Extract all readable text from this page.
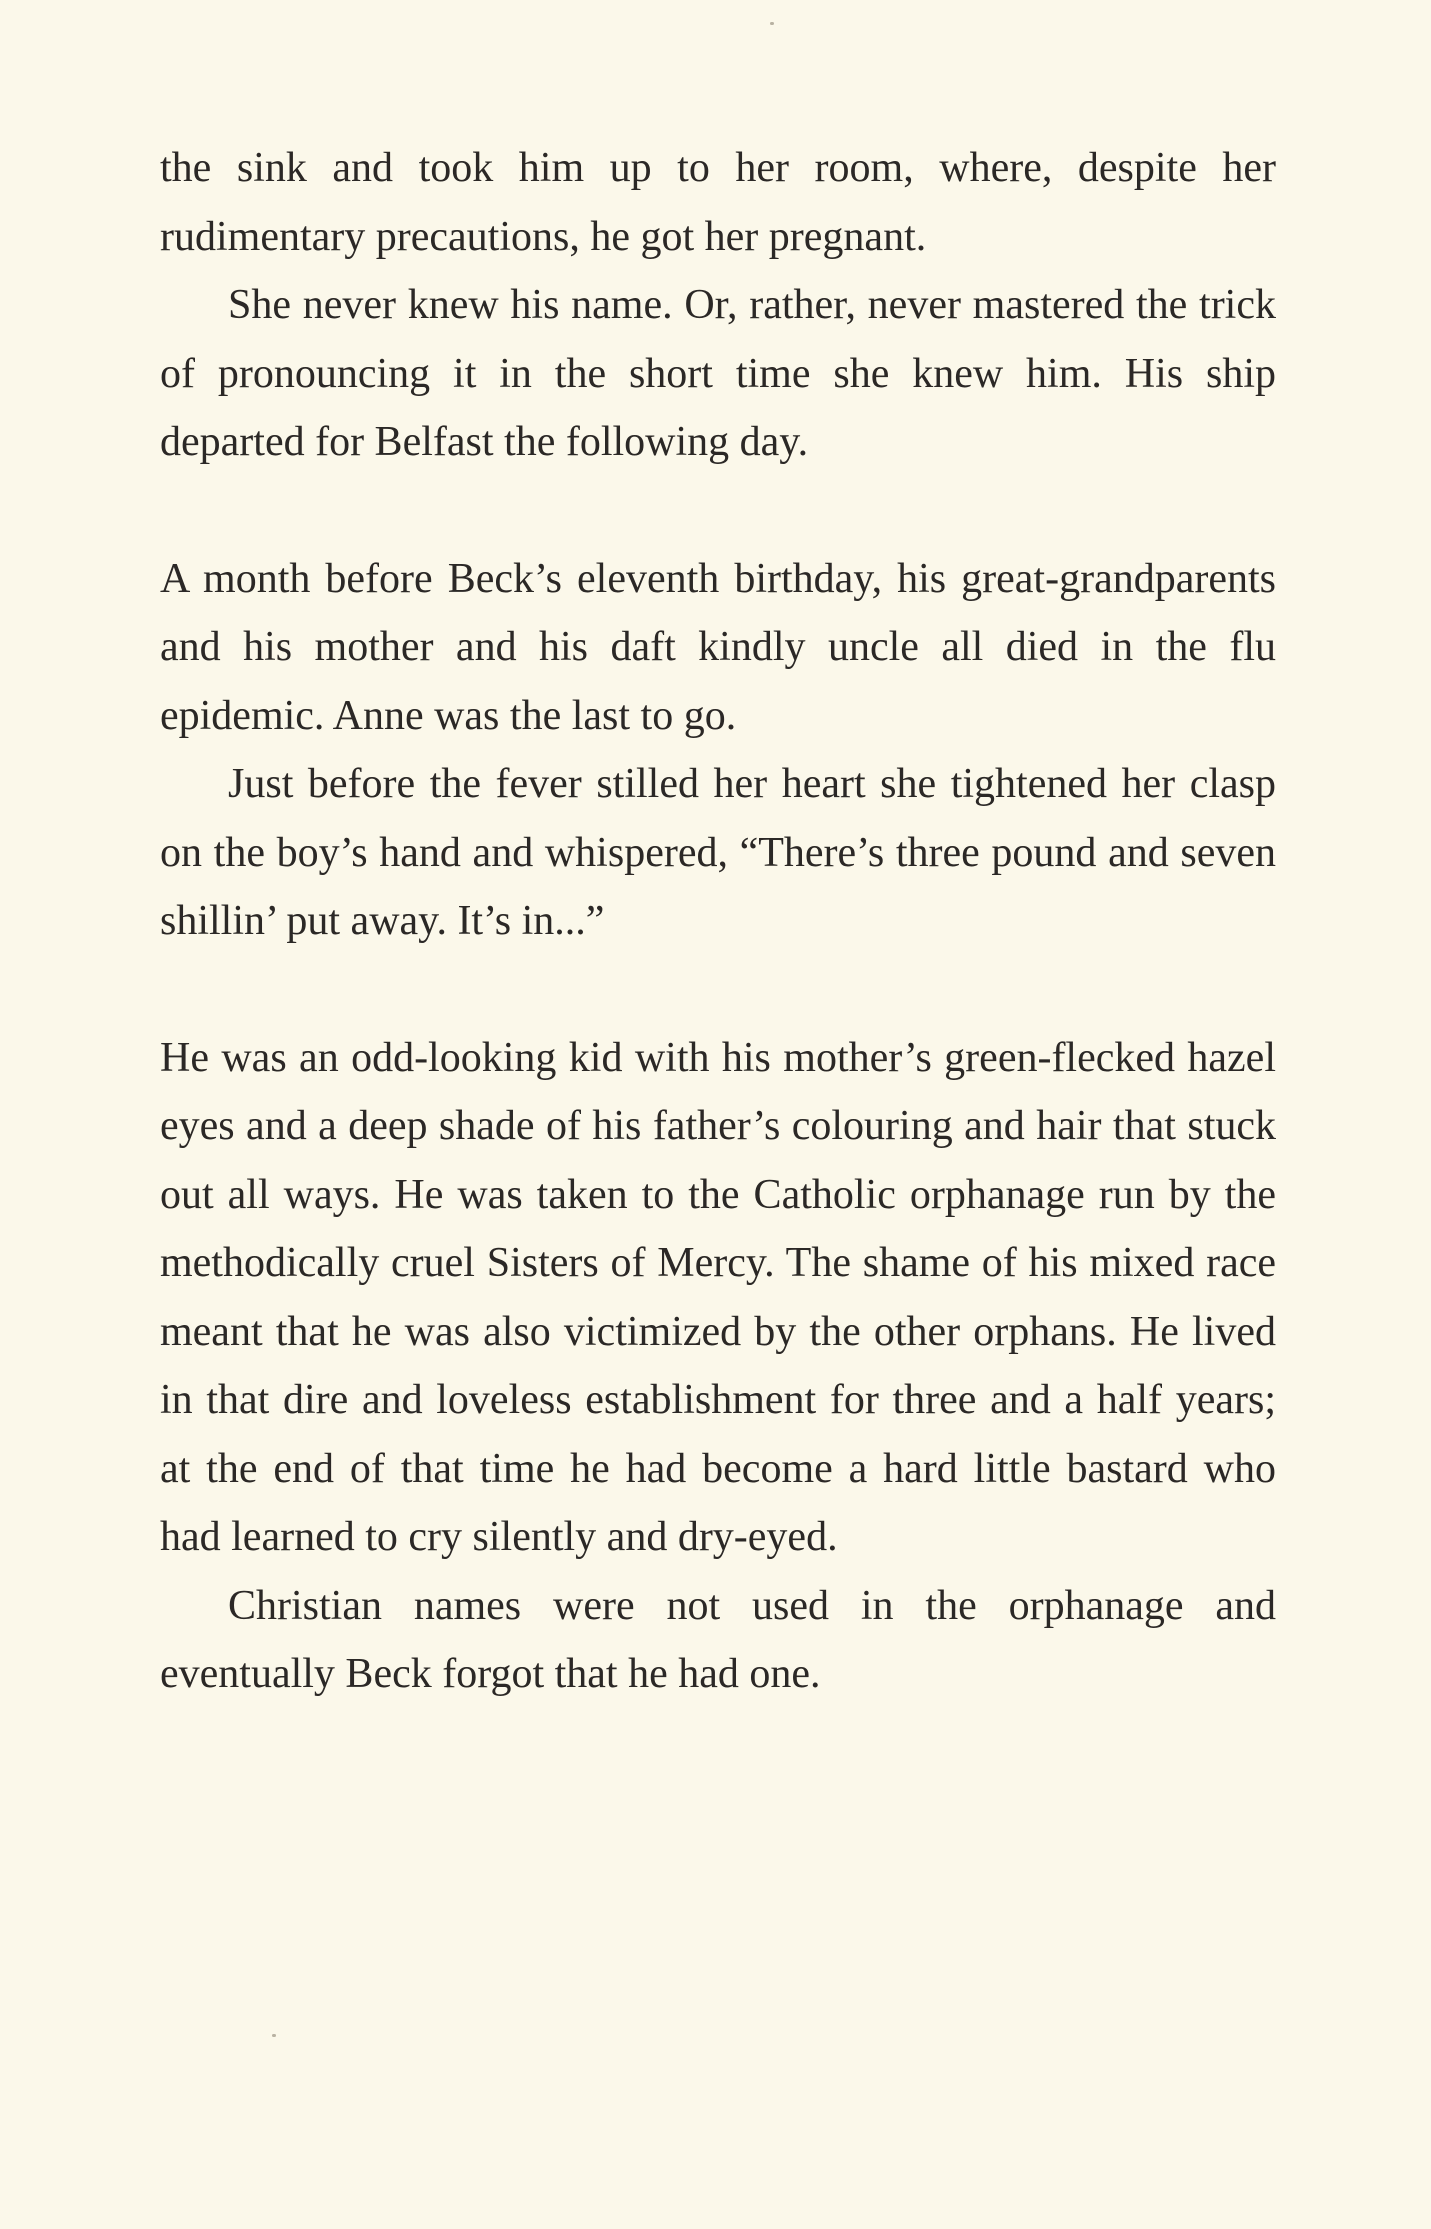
the sink and took him up to her room, where, despite her rudimentary precautions, he got her pregnant.

She never knew his name. Or, rather, never mastered the trick of pronouncing it in the short time she knew him. His ship departed for Belfast the following day.

A month before Beck’s eleventh birthday, his great-grandparents and his mother and his daft kindly uncle all died in the flu epidemic. Anne was the last to go.

Just before the fever stilled her heart she tightened her clasp on the boy’s hand and whispered, “There’s three pound and seven shillin’ put away. It’s in...”

He was an odd-looking kid with his mother’s green-flecked hazel eyes and a deep shade of his father’s colouring and hair that stuck out all ways. He was taken to the Catholic orphanage run by the methodically cruel Sisters of Mercy. The shame of his mixed race meant that he was also victimized by the other orphans. He lived in that dire and loveless establishment for three and a half years; at the end of that time he had become a hard little bastard who had learned to cry silently and dry-eyed.

Christian names were not used in the orphanage and eventually Beck forgot that he had one.
